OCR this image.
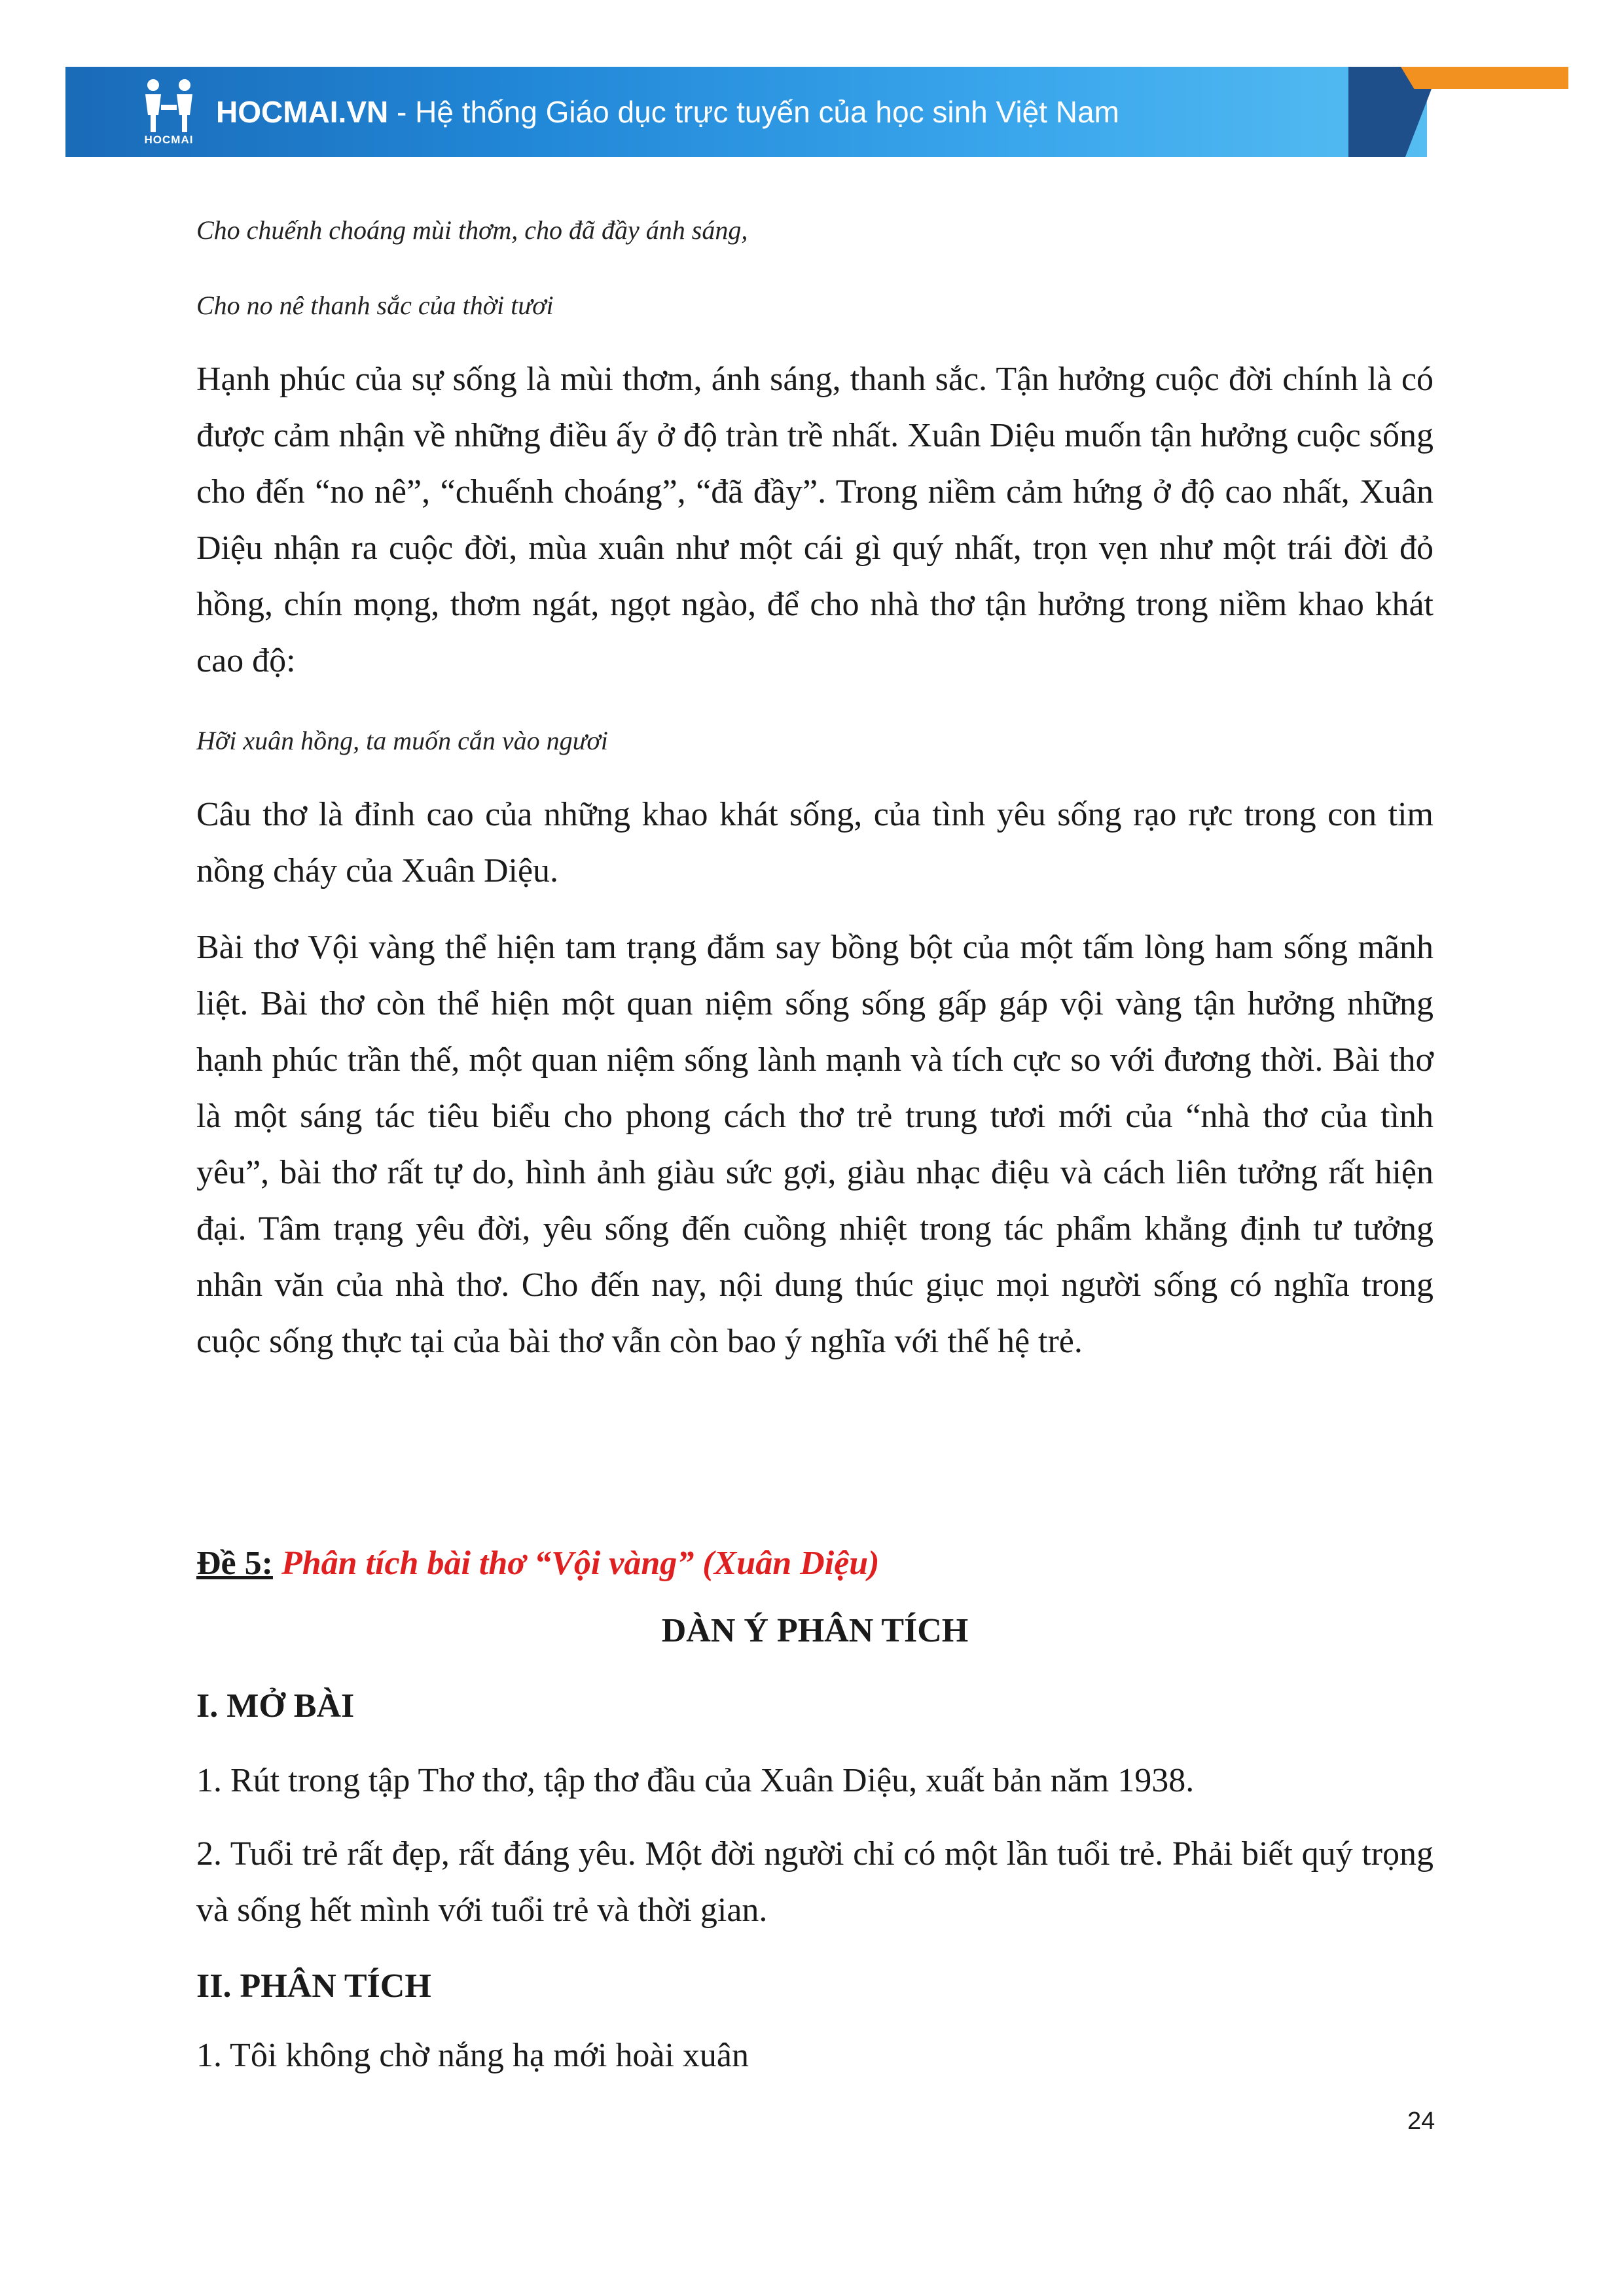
HOCMAI
HOCMAI.VN - Hệ thống Giáo dục trực tuyến của học sinh Việt Nam

Cho chuếnh choáng mùi thơm, cho đã đầy ánh sáng,

Cho no nê thanh sắc của thời tươi

Hạnh phúc của sự sống là mùi thơm, ánh sáng, thanh sắc. Tận hưởng cuộc đời chính là có được cảm nhận về những điều ấy ở độ tràn trề nhất. Xuân Diệu muốn tận hưởng cuộc sống cho đến “no nê”, “chuếnh choáng”, “đã đầy”. Trong niềm cảm hứng ở độ cao nhất, Xuân Diệu nhận ra cuộc đời, mùa xuân như một cái gì quý nhất, trọn vẹn như một trái đời đỏ hồng, chín mọng, thơm ngát, ngọt ngào, để cho nhà thơ tận hưởng trong niềm khao khát cao độ:

Hỡi xuân hồng, ta muốn cắn vào ngươi

Câu thơ là đỉnh cao của những khao khát sống, của tình yêu sống rạo rực trong con tim nồng cháy của Xuân Diệu.

Bài thơ Vội vàng thể hiện tam trạng đắm say bồng bột của một tấm lòng ham sống mãnh liệt. Bài thơ còn thể hiện một quan niệm sống sống gấp gáp vội vàng tận hưởng những hạnh phúc trần thế, một quan niệm sống lành mạnh và tích cực so với đương thời. Bài thơ là một sáng tác tiêu biểu cho phong cách thơ trẻ trung tươi mới của “nhà thơ của tình yêu”, bài thơ rất tự do, hình ảnh giàu sức gợi, giàu nhạc điệu và cách liên tưởng rất hiện đại. Tâm trạng yêu đời, yêu sống đến cuồng nhiệt trong tác phẩm khẳng định tư tưởng nhân văn của nhà thơ. Cho đến nay, nội dung thúc giục mọi người sống có nghĩa trong cuộc sống thực tại của bài thơ vẫn còn bao ý nghĩa với thế hệ trẻ.

Đề 5: Phân tích bài thơ “Vội vàng” (Xuân Diệu)

DÀN Ý PHÂN TÍCH

I. MỞ BÀI

1. Rút trong tập Thơ thơ, tập thơ đầu của Xuân Diệu, xuất bản năm 1938.

2. Tuổi trẻ rất đẹp, rất đáng yêu. Một đời người chỉ có một lần tuổi trẻ. Phải biết quý trọng và sống hết mình với tuổi trẻ và thời gian.

II. PHÂN TÍCH

1. Tôi không chờ nắng hạ mới hoài xuân

24
